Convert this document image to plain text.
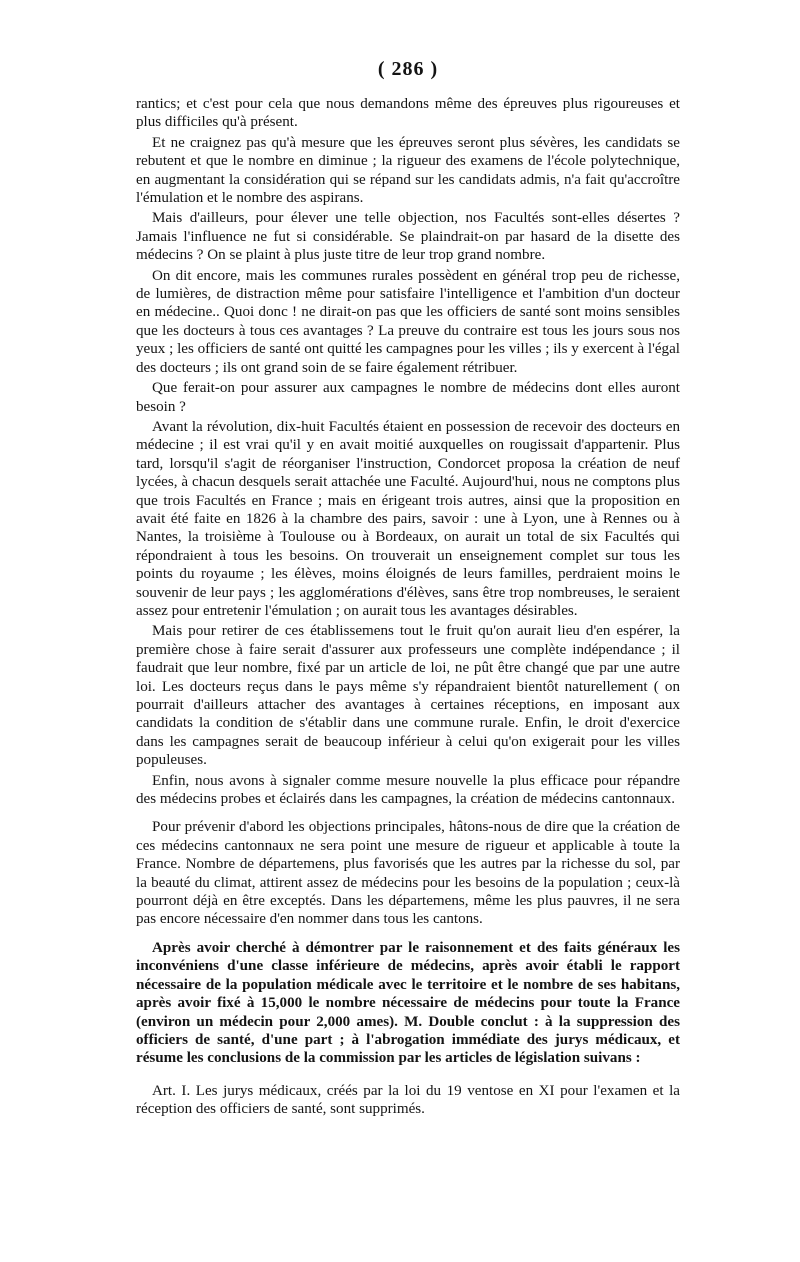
( 286 )

rantics; et c'est pour cela que nous demandons même des épreuves plus rigoureuses et plus difficiles qu'à présent.

Et ne craignez pas qu'à mesure que les épreuves seront plus sévères, les candidats se rebutent et que le nombre en diminue ; la rigueur des examens de l'école polytechnique, en augmentant la considération qui se répand sur les candidats admis, n'a fait qu'accroître l'émulation et le nombre des aspirans.

Mais d'ailleurs, pour élever une telle objection, nos Facultés sont-elles désertes ? Jamais l'influence ne fut si considérable. Se plaindrait-on par hasard de la disette des médecins ? On se plaint à plus juste titre de leur trop grand nombre.

On dit encore, mais les communes rurales possèdent en général trop peu de richesse, de lumières, de distraction même pour satisfaire l'intelligence et l'ambition d'un docteur en médecine.. Quoi donc ! ne dirait-on pas que les officiers de santé sont moins sensibles que les docteurs à tous ces avantages ? La preuve du contraire est tous les jours sous nos yeux ; les officiers de santé ont quitté les campagnes pour les villes ; ils y exercent à l'égal des docteurs ; ils ont grand soin de se faire également rétribuer.

Que ferait-on pour assurer aux campagnes le nombre de médecins dont elles auront besoin ?

Avant la révolution, dix-huit Facultés étaient en possession de recevoir des docteurs en médecine ; il est vrai qu'il y en avait moitié auxquelles on rougissait d'appartenir. Plus tard, lorsqu'il s'agit de réorganiser l'instruction, Condorcet proposa la création de neuf lycées, à chacun desquels serait attachée une Faculté. Aujourd'hui, nous ne comptons plus que trois Facultés en France ; mais en érigeant trois autres, ainsi que la proposition en avait été faite en 1826 à la chambre des pairs, savoir : une à Lyon, une à Rennes ou à Nantes, la troisième à Toulouse ou à Bordeaux, on aurait un total de six Facultés qui répondraient à tous les besoins. On trouverait un enseignement complet sur tous les points du royaume ; les élèves, moins éloignés de leurs familles, perdraient moins le souvenir de leur pays ; les agglomérations d'élèves, sans être trop nombreuses, le seraient assez pour entretenir l'émulation ; on aurait tous les avantages désirables.

Mais pour retirer de ces établissemens tout le fruit qu'on aurait lieu d'en espérer, la première chose à faire serait d'assurer aux professeurs une complète indépendance ; il faudrait que leur nombre, fixé par un article de loi, ne pût être changé que par une autre loi. Les docteurs reçus dans le pays même s'y répandraient bientôt naturellement ( on pourrait d'ailleurs attacher des avantages à certaines réceptions, en imposant aux candidats la condition de s'établir dans une commune rurale. Enfin, le droit d'exercice dans les campagnes serait de beaucoup inférieur à celui qu'on exigerait pour les villes populeuses.

Enfin, nous avons à signaler comme mesure nouvelle la plus efficace pour répandre des médecins probes et éclairés dans les campagnes, la création de médecins cantonnaux.

Pour prévenir d'abord les objections principales, hâtons-nous de dire que la création de ces médecins cantonnaux ne sera point une mesure de rigueur et applicable à toute la France. Nombre de départemens, plus favorisés que les autres par la richesse du sol, par la beauté du climat, attirent assez de médecins pour les besoins de la population ; ceux-là pourront déjà en être exceptés. Dans les départemens, même les plus pauvres, il ne sera pas encore nécessaire d'en nommer dans tous les cantons.

Après avoir cherché à démontrer par le raisonnement et des faits généraux les inconvéniens d'une classe inférieure de médecins, après avoir établi le rapport nécessaire de la population médicale avec le territoire et le nombre de ses habitans, après avoir fixé à 15,000 le nombre nécessaire de médecins pour toute la France (environ un médecin pour 2,000 ames). M. Double conclut : à la suppression des officiers de santé, d'une part ; à l'abrogation immédiate des jurys médicaux, et résume les conclusions de la commission par les articles de législation suivans :

Art. I. Les jurys médicaux, créés par la loi du 19 ventose en XI pour l'examen et la réception des officiers de santé, sont supprimés.
